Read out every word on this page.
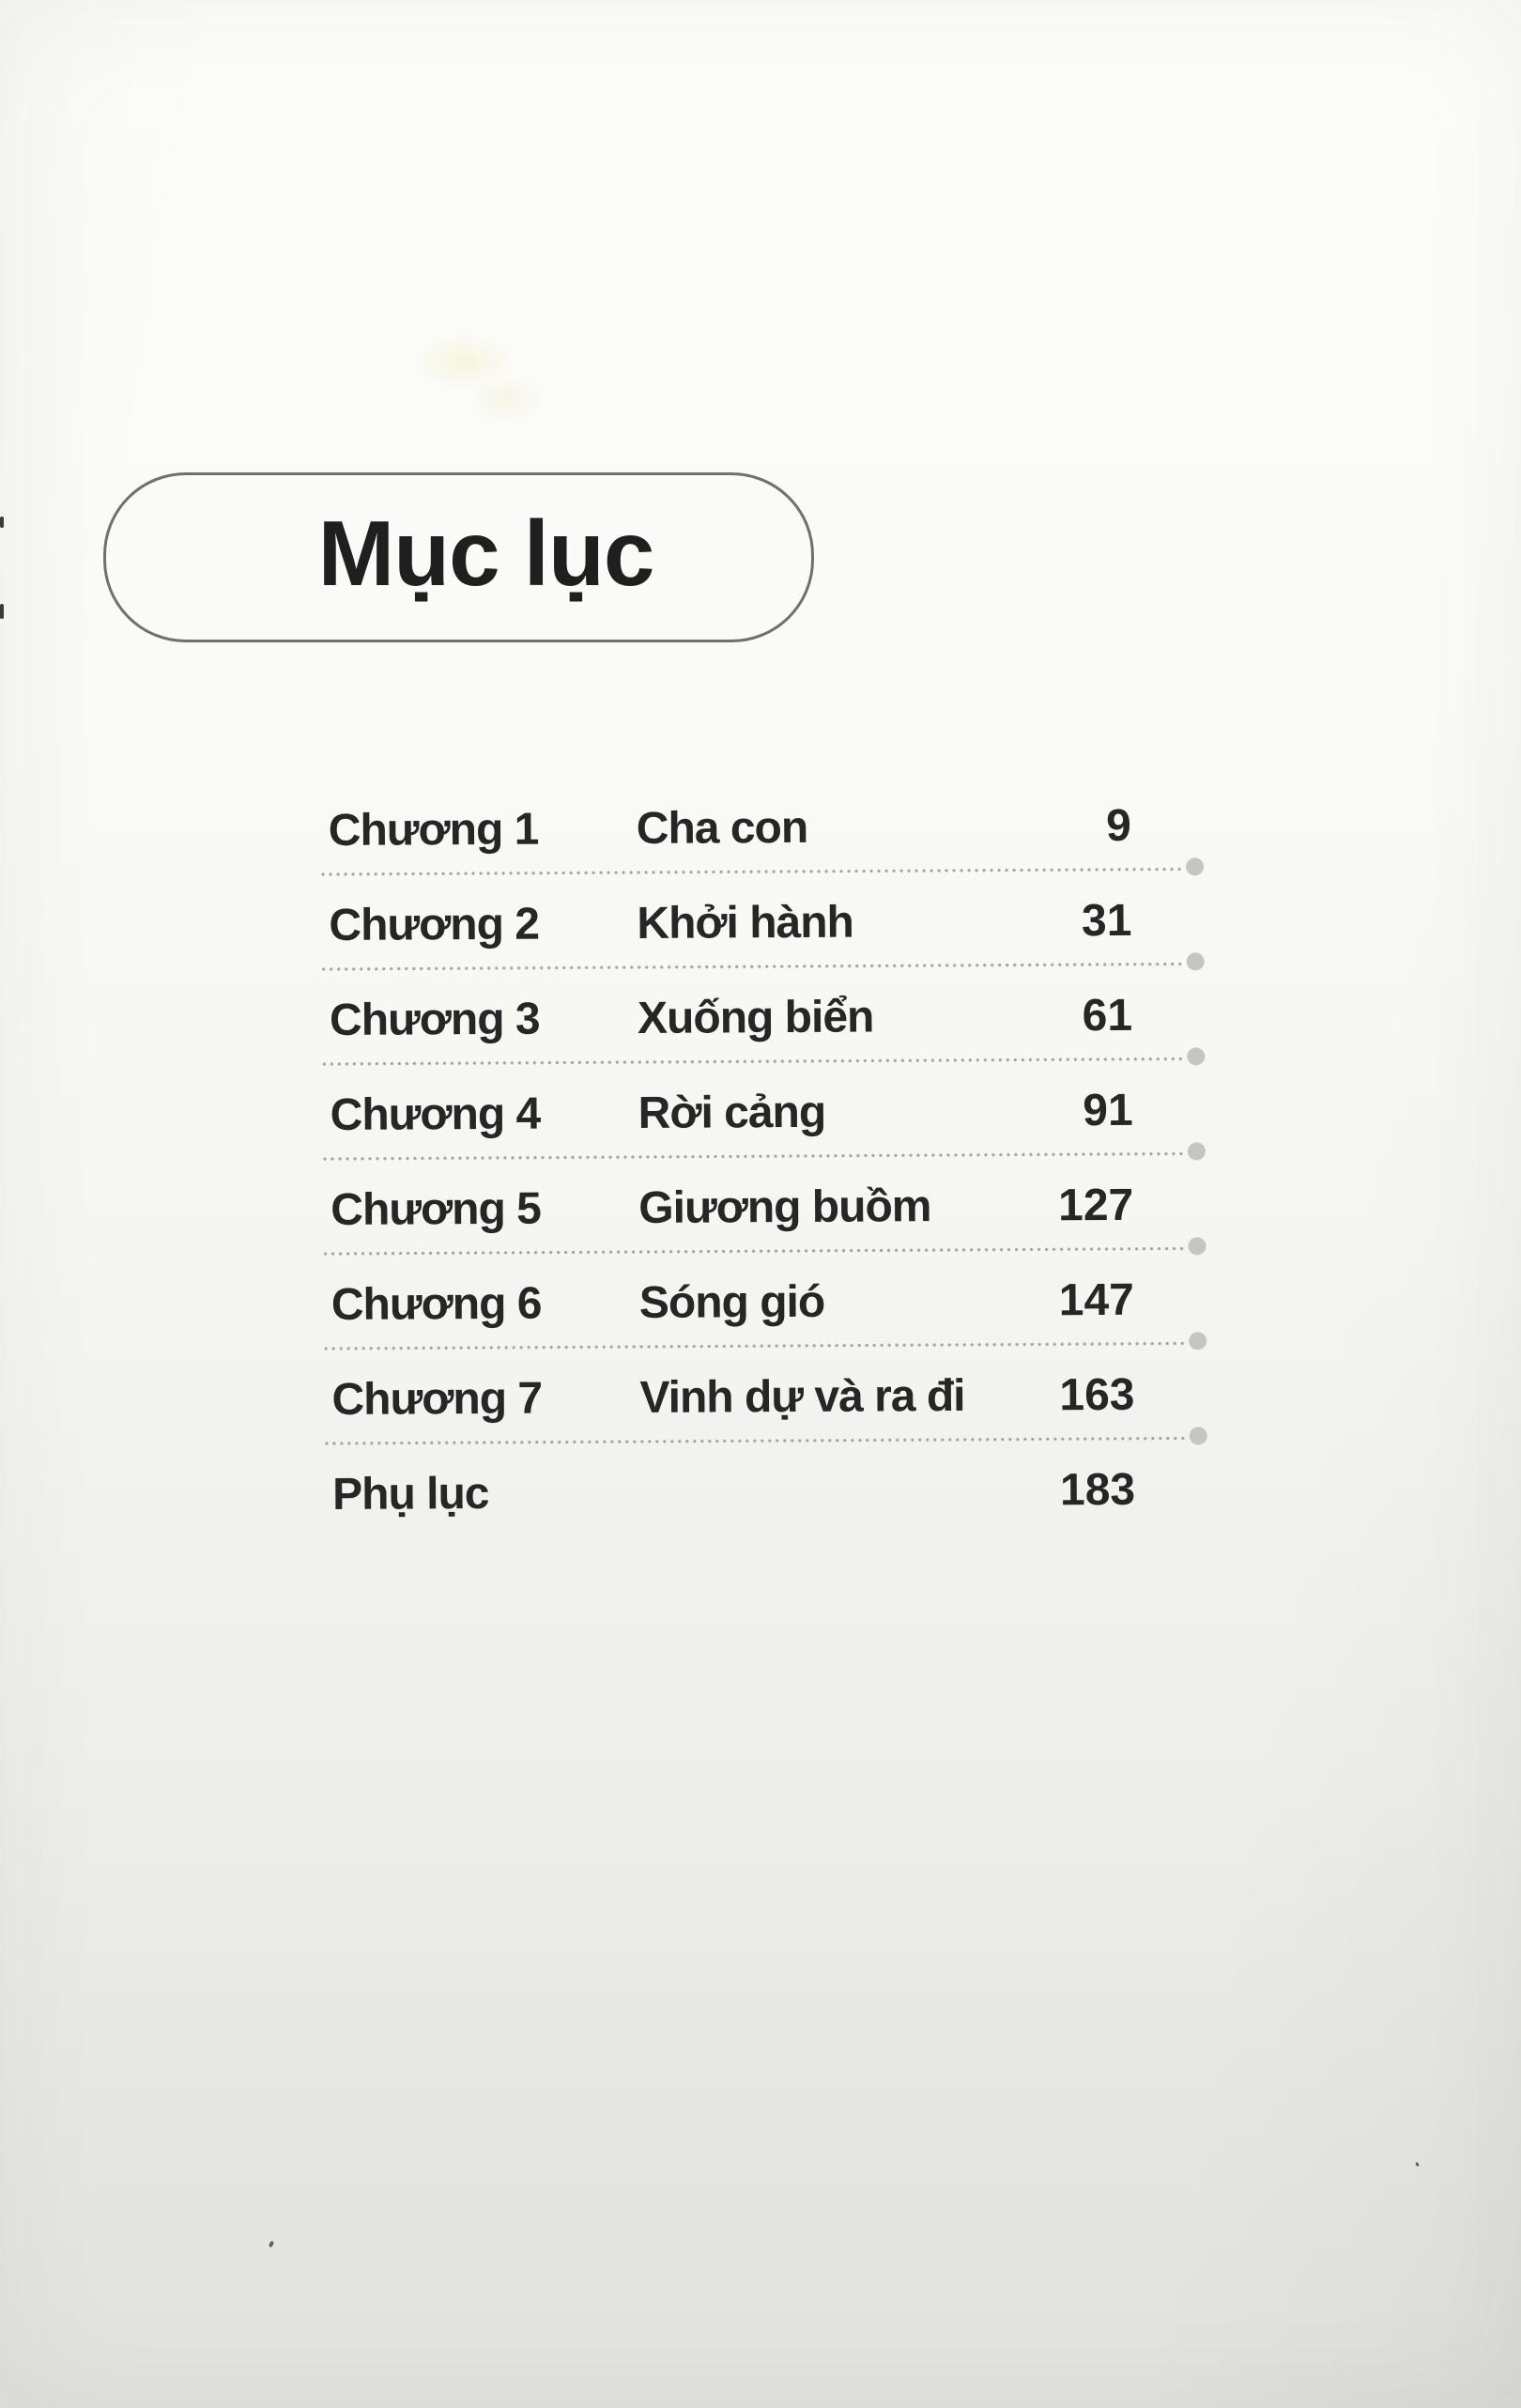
Mục lục
Chương 1	Cha con	9
Chương 2	Khởi hành	31
Chương 3	Xuống biển	61
Chương 4	Rời cảng	91
Chương 5	Giương buồm	127
Chương 6	Sóng gió	147
Chương 7	Vinh dự và ra đi	163
Phụ lục	183
